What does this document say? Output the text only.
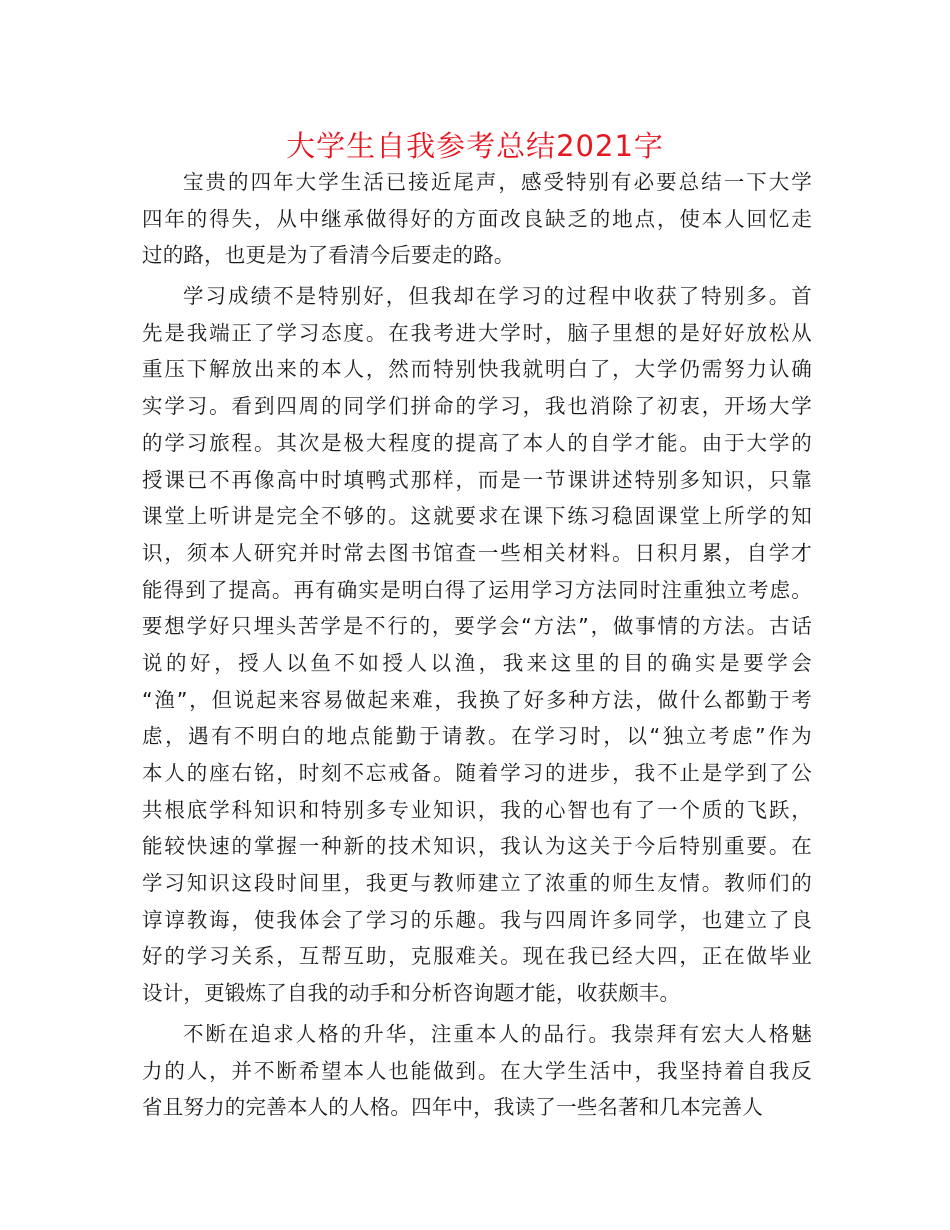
大学生自我参考总结2021字
宝贵的四年大学生活已接近尾声，感受特别有必要总结一下大学
四年的得失，从中继承做得好的方面改良缺乏的地点，使本人回忆走
过的路，也更是为了看清今后要走的路。
学习成绩不是特别好，但我却在学习的过程中收获了特别多。首
先是我端正了学习态度。在我考进大学时，脑子里想的是好好放松从
重压下解放出来的本人，然而特别快我就明白了，大学仍需努力认确
实学习。看到四周的同学们拼命的学习，我也消除了初衷，开场大学
的学习旅程。其次是极大程度的提高了本人的自学才能。由于大学的
授课已不再像高中时填鸭式那样，而是一节课讲述特别多知识，只靠
课堂上听讲是完全不够的。这就要求在课下练习稳固课堂上所学的知
识，须本人研究并时常去图书馆查一些相关材料。日积月累，自学才
能得到了提高。再有确实是明白得了运用学习方法同时注重独立考虑。
要想学好只埋头苦学是不行的，要学会“方法”，做事情的方法。古话
说的好，授人以鱼不如授人以渔，我来这里的目的确实是要学会
“渔”，但说起来容易做起来难，我换了好多种方法，做什么都勤于考
虑，遇有不明白的地点能勤于请教。在学习时，以“独立考虑”作为
本人的座右铭，时刻不忘戒备。随着学习的进步，我不止是学到了公
共根底学科知识和特别多专业知识，我的心智也有了一个质的飞跃，
能较快速的掌握一种新的技术知识，我认为这关于今后特别重要。在
学习知识这段时间里，我更与教师建立了浓重的师生友情。教师们的
谆谆教诲，使我体会了学习的乐趣。我与四周许多同学，也建立了良
好的学习关系，互帮互助，克服难关。现在我已经大四，正在做毕业
设计，更锻炼了自我的动手和分析咨询题才能，收获颇丰。
不断在追求人格的升华，注重本人的品行。我崇拜有宏大人格魅
力的人，并不断希望本人也能做到。在大学生活中，我坚持着自我反
省且努力的完善本人的人格。四年中，我读了一些名著和几本完善人
